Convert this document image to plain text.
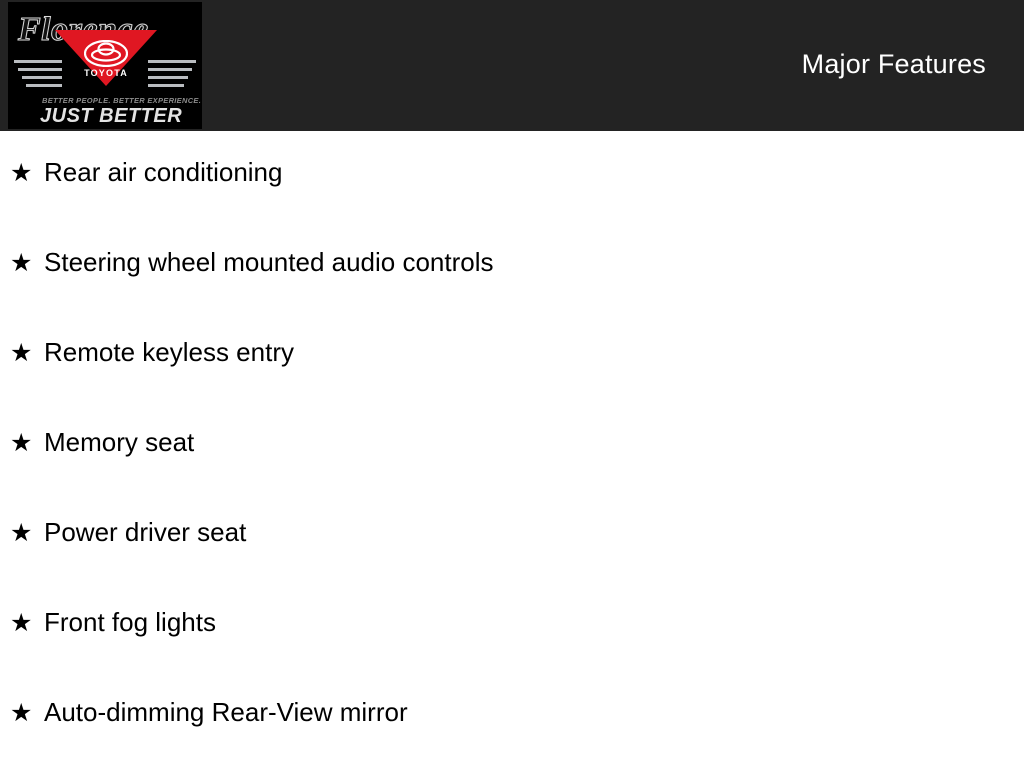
Florence
TOYOTA
BETTER PEOPLE. BETTER EXPERIENCE.
JUST BETTER
Major Features
★ Rear air conditioning
★ Steering wheel mounted audio controls
★ Remote keyless entry
★ Memory seat
★ Power driver seat
★ Front fog lights
★ Auto-dimming Rear-View mirror
